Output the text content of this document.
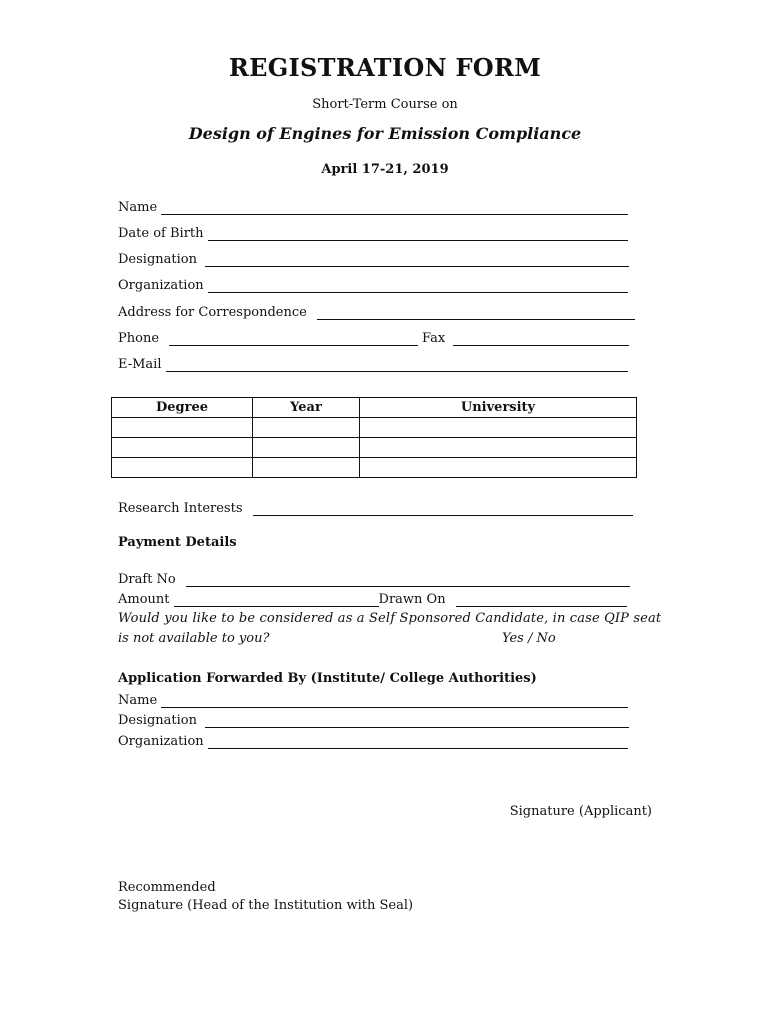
REGISTRATION FORM
Short-Term Course on
Design of Engines for Emission Compliance
April 17-21, 2019
Name
Date of Birth
Designation
Organization
Address for Correspondence
Phone	Fax
E-Mail
Degree	Year	University

Research Interests
Payment Details
Draft No
Amount	Drawn On
Would you like to be considered as a Self Sponsored Candidate, in case QIP seat
is not available to you?	Yes / No
Application Forwarded By (Institute/ College Authorities)
Name
Designation
Organization
Signature (Applicant)
Recommended
Signature (Head of the Institution with Seal)
